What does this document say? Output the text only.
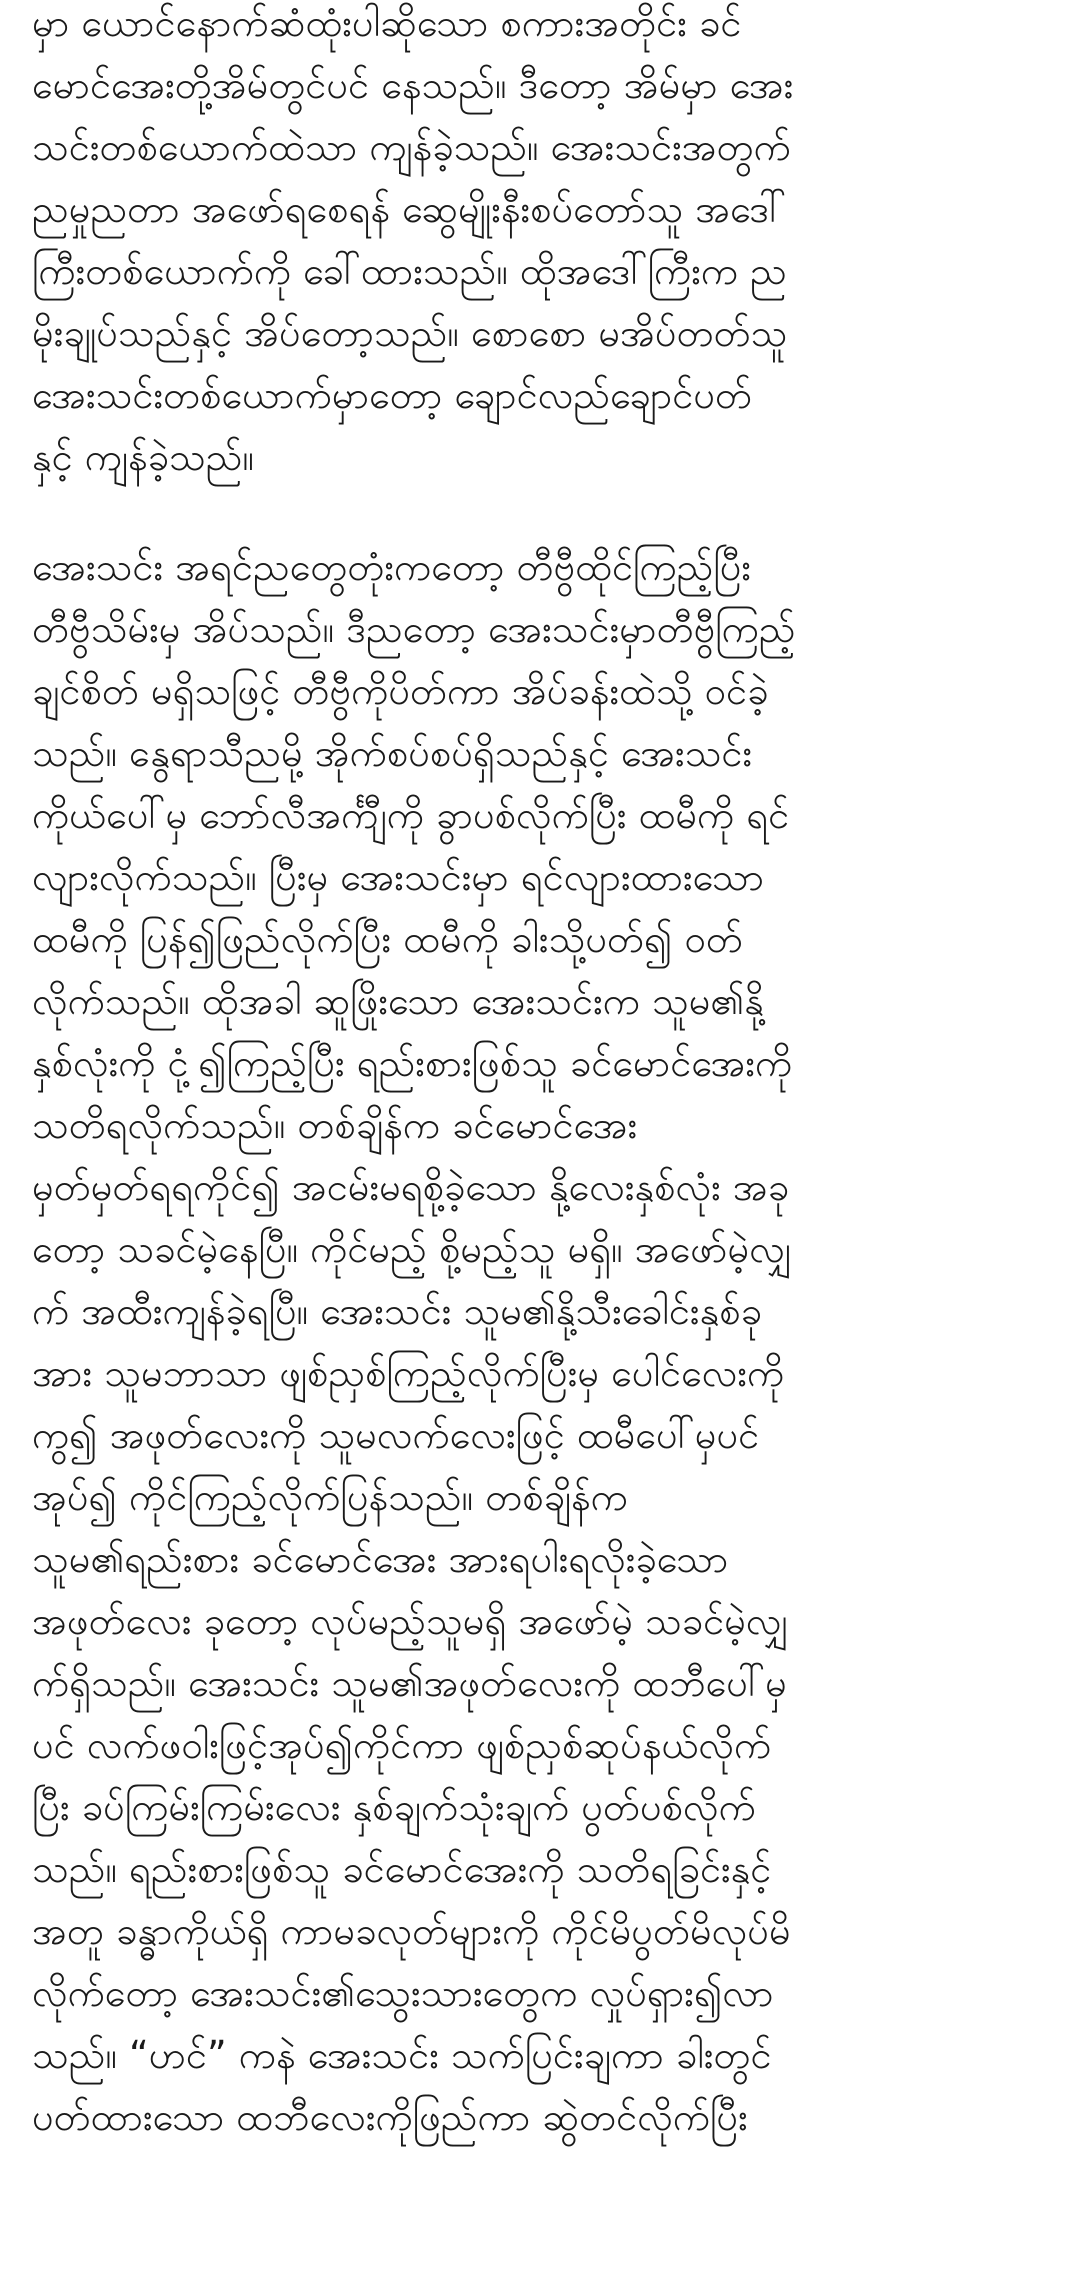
မှာ ယောင်နောက်ဆံထုံးပါဆိုသော စကားအတိုင်း ခင်
မောင်အေးတို့အိမ်တွင်ပင် နေသည်။ ဒီတော့ အိမ်မှာ အေး
သင်းတစ်ယောက်ထဲသာ ကျန်ခဲ့သည်။ အေးသင်းအတွက်
ညမှုညတာ အဖော်ရစေရန် ဆွေမျိုးနီးစပ်တော်သူ အဒေါ်
ကြီးတစ်ယောက်ကို ခေါ်ထားသည်။ ထိုအဒေါ်ကြီးက ည
မိုးချုပ်သည်နှင့် အိပ်တော့သည်။ စောစော မအိပ်တတ်သူ
အေးသင်းတစ်ယောက်မှာတော့ ချောင်လည်ချောင်ပတ်
နှင့် ကျန်ခဲ့သည်။
အေးသင်း အရင်ညတွေတုံးကတော့ တီဗွီထိုင်ကြည့်ပြီး
တီဗွီသိမ်းမှ အိပ်သည်။ ဒီညတော့ အေးသင်းမှာတီဗွီကြည့်
ချင်စိတ် မရှိသဖြင့် တီဗွီကိုပိတ်ကာ အိပ်ခန်းထဲသို့ ဝင်ခဲ့
သည်။ နွေရာသီညမို့ အိုက်စပ်စပ်ရှိသည်နှင့် အေးသင်း
ကိုယ်ပေါ်မှ ဘော်လီအင်္ကျီကို ခွာပစ်လိုက်ပြီး ထမီကို ရင်
လျားလိုက်သည်။ ပြီးမှ အေးသင်းမှာ ရင်လျားထားသော
ထမီကို ပြန်၍ဖြည်လိုက်ပြီး ထမီကို ခါးသို့ပတ်၍ ဝတ်
လိုက်သည်။ ထိုအခါ ဆူဖြိုးသော အေးသင်းက သူမ၏နို့
နှစ်လုံးကို ငုံ့၍ကြည့်ပြီး ရည်းစားဖြစ်သူ ခင်မောင်အေးကို
သတိရလိုက်သည်။ တစ်ချိန်က ခင်မောင်အေး
မှတ်မှတ်ရရကိုင်၍ အငမ်းမရစို့ခဲ့သော နို့လေးနှစ်လုံး အခု
တော့ သခင်မဲ့နေပြီ။ ကိုင်မည့် စို့မည့်သူ မရှိ။ အဖော်မဲ့လျှ
က် အထီးကျန်ခဲ့ရပြီ။ အေးသင်း သူမ၏နို့သီးခေါင်းနှစ်ခု
အား သူမဘာသာ ဖျစ်ညှစ်ကြည့်လိုက်ပြီးမှ ပေါင်လေးကို
ကွ၍ အဖုတ်လေးကို သူမလက်လေးဖြင့် ထမီပေါ်မှပင်
အုပ်၍ ကိုင်ကြည့်လိုက်ပြန်သည်။ တစ်ချိန်က
သူမ၏ရည်းစား ခင်မောင်အေး အားရပါးရလိုးခဲ့သော
အဖုတ်လေး ခုတော့ လုပ်မည့်သူမရှိ အဖော်မဲ့ သခင်မဲ့လျှ
က်ရှိသည်။ အေးသင်း သူမ၏အဖုတ်လေးကို ထဘီပေါ်မှ
ပင် လက်ဖဝါးဖြင့်အုပ်၍ကိုင်ကာ ဖျစ်ညှစ်ဆုပ်နယ်လိုက်
ပြီး ခပ်ကြမ်းကြမ်းလေး နှစ်ချက်သုံးချက် ပွတ်ပစ်လိုက်
သည်။ ရည်းစားဖြစ်သူ ခင်မောင်အေးကို သတိရခြင်းနှင့်
အတူ ခန္ဓာကိုယ်ရှိ ကာမခလုတ်များကို ကိုင်မိပွတ်မိလုပ်မိ
လိုက်တော့ အေးသင်း၏သွေးသားတွေက လှုပ်ရှား၍လာ
သည်။ “ဟင်” ကနဲ အေးသင်း သက်ပြင်းချကာ ခါးတွင်
ပတ်ထားသော ထဘီလေးကိုဖြည်ကာ ဆွဲတင်လိုက်ပြီး
